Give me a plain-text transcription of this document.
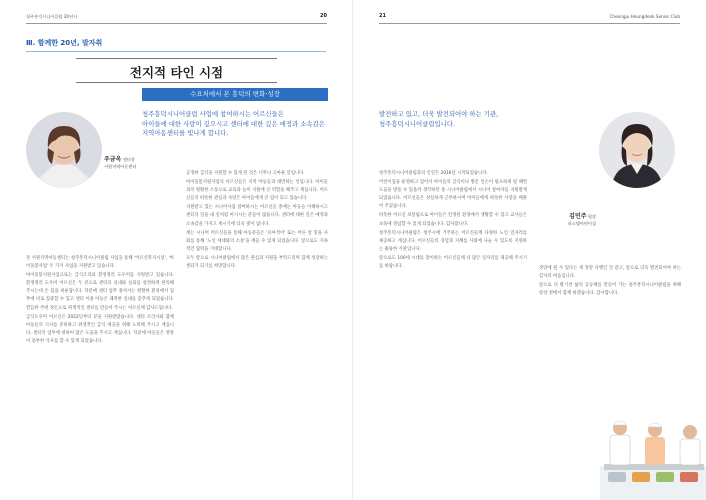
청주흥덕시니어클럽 20년사	20
Ⅲ. 함께한 20년, 발자취
전지적 타인 시점
수요처에서 본 흥덕의 변화·성장
우금옥 센터장
서원지역아동센터
청주흥덕시니어클럽 사업에 참여하시는 어르신들은
아이들에 대한 사랑이 깊으시고 센터에 대한 깊은 애정과 소속감은
지역아동센터를 빛나게 합니다.

본 서원지역아동센터는 청주흥덕시니어클럽 사업을 통해 '어르신복지시설', '아이돌봄사업' 두 가지 사업을 지원받고 있습니다.

아이돌봄지원사업으로는 급식조리와 환경정리 도우미를 지원받고 있습니다. 환경정리 도우미 어르신은 두 분으로 센터의 실내와 실외를 청결하게 관리해 주시는데 손 힘을 비운답니다. 덕분에 센터 업무 종사자는 원활한 환경에서 업무에 비로 집중할 수 있고 센터 이용 아동은 쾌적한 실내를 갖추게 되었습니다. 깔끔한 주변 정돈으로 위생적인 센터를 만들어 주시는 어르신께 감사드립니다.

급식도우미 어르신은 2022년부터 분을 지원받았습니다. 센터 조리사와 함께 아동들의 식사를 준비하고 위생적인 급식 제공을 위해 노력해 주시고 계십니다. 센터의 업무에 대하여 많은 도움을 주시고 계십니다. 덕분에 아동들은 영양이 풍부한 식사를 할 수 있게 되었습니다.

공경한 급식을 지원할 수 있게 된 것은 너무나 고마운 일입니다.

아이돌봄지원사업의 어르신들은 지역 아동들과 대면하는 일입니다. 아이들과의 원활한 소통으로 교육과 놀이 지원에 큰 역할을 해주고 계십니다. 어르신들의 따뜻한 관심과 사랑은 아이들에게 큰 힘이 되고 있습니다.

지원받고 있는 시니어사업 참여하시는 어르신들 중에는 아동들 이해하시고 센터의 일을 내 일처럼 여기시는 분들이 많습니다. 센터에 대한 깊은 애정과 소속감을 가지고 계시기에 더욱 빛이 납니다.

계는 시니어 어르신들을 통해 아동분들은 '유아적이' 또는 어른 살 밑을 사회를 통해 '노인 세대와의 소통'을 배울 수 있게 되었습니다. 앞으로도 지속적인 협력을 기대합니다.

모두 앞으로 시니어클럽에서 많은 관심과 지원을 부탁드리며 함께 성장하는 센터가 되기를 희망합니다.

21	Cheongju Heungdeok Senior Club
발전하고 있고, 더욱 발전되어야 하는 기관,
청주흥덕시니어클럽입니다.
김민주 원장
파스텔어린이집

청주흥덕시니어클럽과의 인연은 2016년 시작되었습니다.

어린이집을 운영하고 있어서 아이들의 급식이나 방문 일손이 필요하게 될 때면 도움을 받을 수 있을까 생각하던 중 시니어클럽에서 시니어 참여자를 지원받게 되었습니다. 어르신들은 성실하게 근무하시며 아이들에게 따뜻한 사랑을 베풀어 주셨습니다.

따뜻한 어르신 보살핌으로 아이들은 안정된 환경에서 생활할 수 있고 교사들은 보육에 전념할 수 있게 되었습니다. 감사합니다.

청주흥덕시니어클럽은 청주시에 거주하는 어르신들께 다양한 노인 일자리를 제공하고 계십니다. 어르신들의 경험과 지혜를 사회에 나눌 수 있도록 지원하는 훌륭한 기관입니다.

앞으로도 100세 시대를 맞이하는 어르신들께 더 많은 일자리를 제공해 주시기를 바랍니다.	정말에 될 수 있다는 게 정말 다행인 것 같고, 앞으로 더욱 발전되어야 하는 감사의 마음입니다.

앞으로 더 활기찬 삶의 공동체를 만들어 가는 청주흥덕시니어클럽을 위해 항상 곁에서 함께 하겠습니다. 감사합니다.
